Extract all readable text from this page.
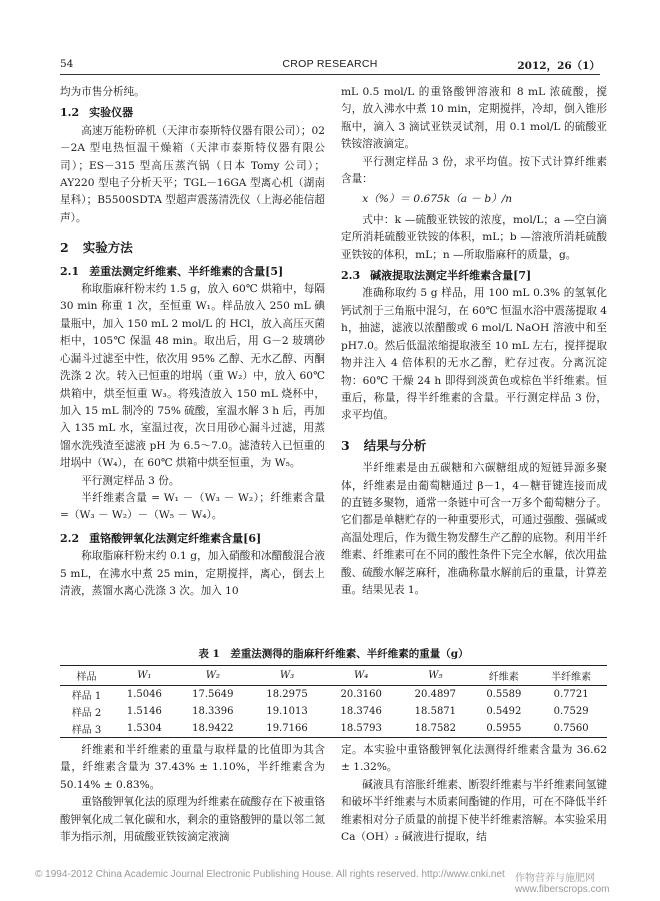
54	CROP RESEARCH	2012，26（1）

均为市售分析纯。

1.2 实验仪器

高速万能粉碎机（天津市泰斯特仪器有限公司）；02－2A 型电热恒温干燥箱（天津市泰斯特仪器有限公司）；ES－315 型高压蒸汽锅（日本 Tomy 公司）；AY220 型电子分析天平；TGL－16GA 型离心机（湖南星科）；B5500SDTA 型超声震荡清洗仪（上海必能信超声）。

2 实验方法
2.1 差重法测定纤维素、半纤维素的含量[5]

称取脂麻秆粉末约 1.5 g，放入 60℃ 烘箱中，每隔 30 min 称重 1 次，至恒重 W₁。样品放入 250 mL 碘量瓶中，加入 150 mL 2 mol/L 的 HCl，放入高压灭菌柜中，105℃ 保温 48 min。取出后，用 G－2 玻璃砂心漏斗过滤至中性，依次用 95% 乙醇、无水乙醇、丙酮洗涤 2 次。转入已恒重的坩埚（重 W₂）中，放入 60℃ 烘箱中，烘至恒重 W₃。将残渣放入 150 mL 烧杯中，加入 15 mL 制冷的 75% 硫酸，室温水解 3 h 后，再加入 135 mL 水，室温过夜，次日用砂心漏斗过滤，用蒸馏水洗残渣至滤液 pH 为 6.5～7.0。滤渣转入已恒重的坩埚中（W₄），在 60℃ 烘箱中烘至恒重，为 W₅。

平行测定样品 3 份。

半纤维素含量 = W₁ －（W₃ － W₂）；纤维素含量 =（W₃ － W₂）－（W₅ － W₄）。

2.2 重铬酸钾氧化法测定纤维素含量[6]

称取脂麻秆粉末约 0.1 g，加入硝酸和冰醋酸混合液 5 mL，在沸水中煮 25 min，定期搅拌，离心，倒去上清液，蒸馏水离心洗涤 3 次。加入 10

mL 0.5 mol/L 的重铬酸钾溶液和 8 mL 浓硫酸，搅匀，放入沸水中煮 10 min，定期搅拌，冷却，倒入锥形瓶中，滴入 3 滴试亚铁灵试剂，用 0.1 mol/L 的硫酸亚铁铵溶液滴定。

平行测定样品 3 份，求平均值。按下式计算纤维素含量：

x（%）＝ 0.675k（a － b）/n

式中：k —硫酸亚铁铵的浓度，mol/L；a —空白滴定所消耗硫酸亚铁铵的体积，mL；b —溶液所消耗硫酸亚铁铵的体积，mL；n —所取脂麻秆的质量，g。

2.3 碱液提取法测定半纤维素含量[7]

准确称取约 5 g 样品，用 100 mL 0.3% 的氢氧化钙试剂于三角瓶中混匀，在 60℃ 恒温水浴中震荡提取 4 h，抽滤，滤液以浓醋酸或 6 mol/L NaOH 溶液中和至 pH7.0。然后低温浓缩提取液至 10 mL 左右，搅拌提取物并注入 4 倍体积的无水乙醇，贮存过夜。分离沉淀物：60℃ 干燥 24 h 即得到淡黄色或棕色半纤维素。恒重后，称量，得半纤维素的含量。平行测定样品 3 份，求平均值。

3 结果与分析

半纤维素是由五碳糖和六碳糖组成的短链异源多聚体，纤维素是由葡萄糖通过 β－1，4－糖苷键连接而成的直链多聚物，通常一条链中可含一万多个葡萄糖分子。它们都是单糖贮存的一种重要形式，可通过强酸、强碱或高温处理后，作为微生物发酵生产乙醇的底物。利用半纤维素、纤维素可在不同的酸性条件下完全水解，依次用盐酸、硫酸水解芝麻秆，准确称量水解前后的重量，计算差重。结果见表 1。

表 1　差重法测得的脂麻秆纤维素、半纤维素的重量（g）
样品	W₁	W₂	W₃	W₄	W₅	纤维素	半纤维素
样品 1	1.5046	17.5649	18.2975	20.3160	20.4897	0.5589	0.7721
样品 2	1.5146	18.3396	19.1013	18.3746	18.5871	0.5492	0.7529
样品 3	1.5304	18.9422	19.7166	18.5793	18.7582	0.5955	0.7560

纤维素和半纤维素的重量与取样量的比值即为其含量，纤维素含量为 37.43% ± 1.10%，半纤维素含为 50.14% ± 0.83%。

重铬酸钾氧化法的原理为纤维素在硫酸存在下被重铬酸钾氧化成二氧化碳和水，剩余的重铬酸钾的量以邻二氮菲为指示剂，用硫酸亚铁铵滴定液滴

定。本实验中重铬酸钾氧化法测得纤维素含量为 36.62 ± 1.32%。

碱液具有溶胀纤维素、断裂纤维素与半纤维素间氢键和破坏半纤维素与木质素间酯键的作用，可在不降低半纤维素相对分子质量的前提下使半纤维素溶解。本实验采用 Ca（OH）₂ 碱液进行提取，结

© 1994-2012 China Academic Journal Electronic Publishing House. All rights reserved. http://www.cnki.net 作物营养与施肥网 www.fiberscrops.com
